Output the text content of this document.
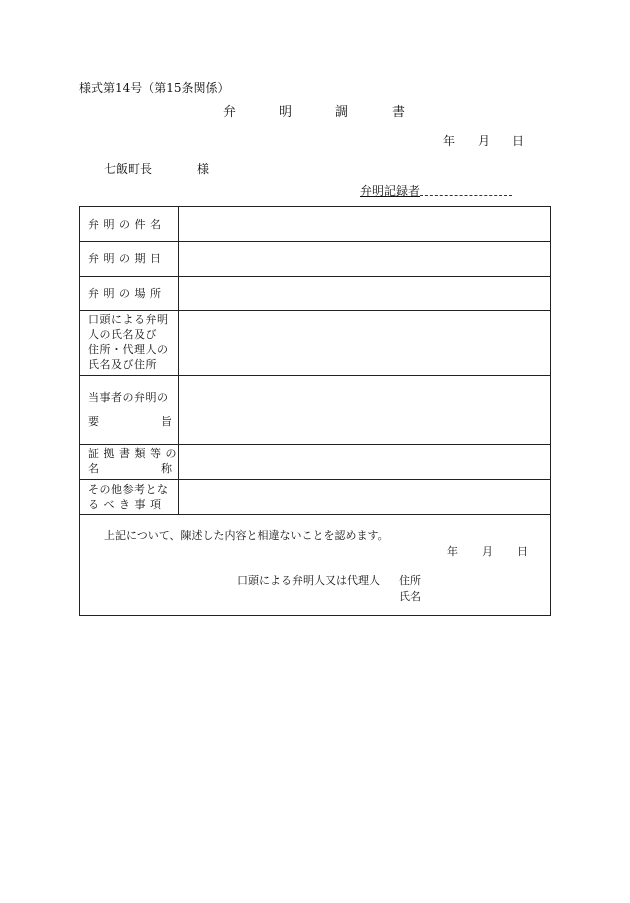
様式第14号（第15条関係）
弁	明	調	書
年 月 日
七飯町長	様
弁明記録者
弁 明 の 件 名
弁 明 の 期 日
弁 明 の 場 所
口頭による弁明
人の氏名及び
住所・代理人の
氏名及び住所
当事者の弁明の
要	旨
証 拠 書 類 等 の
名	称
その他参考とな
る べ き 事 項
上記について、陳述した内容と相違ないことを認めます。
年 月 日
口頭による弁明人又は代理人 住所
氏名
